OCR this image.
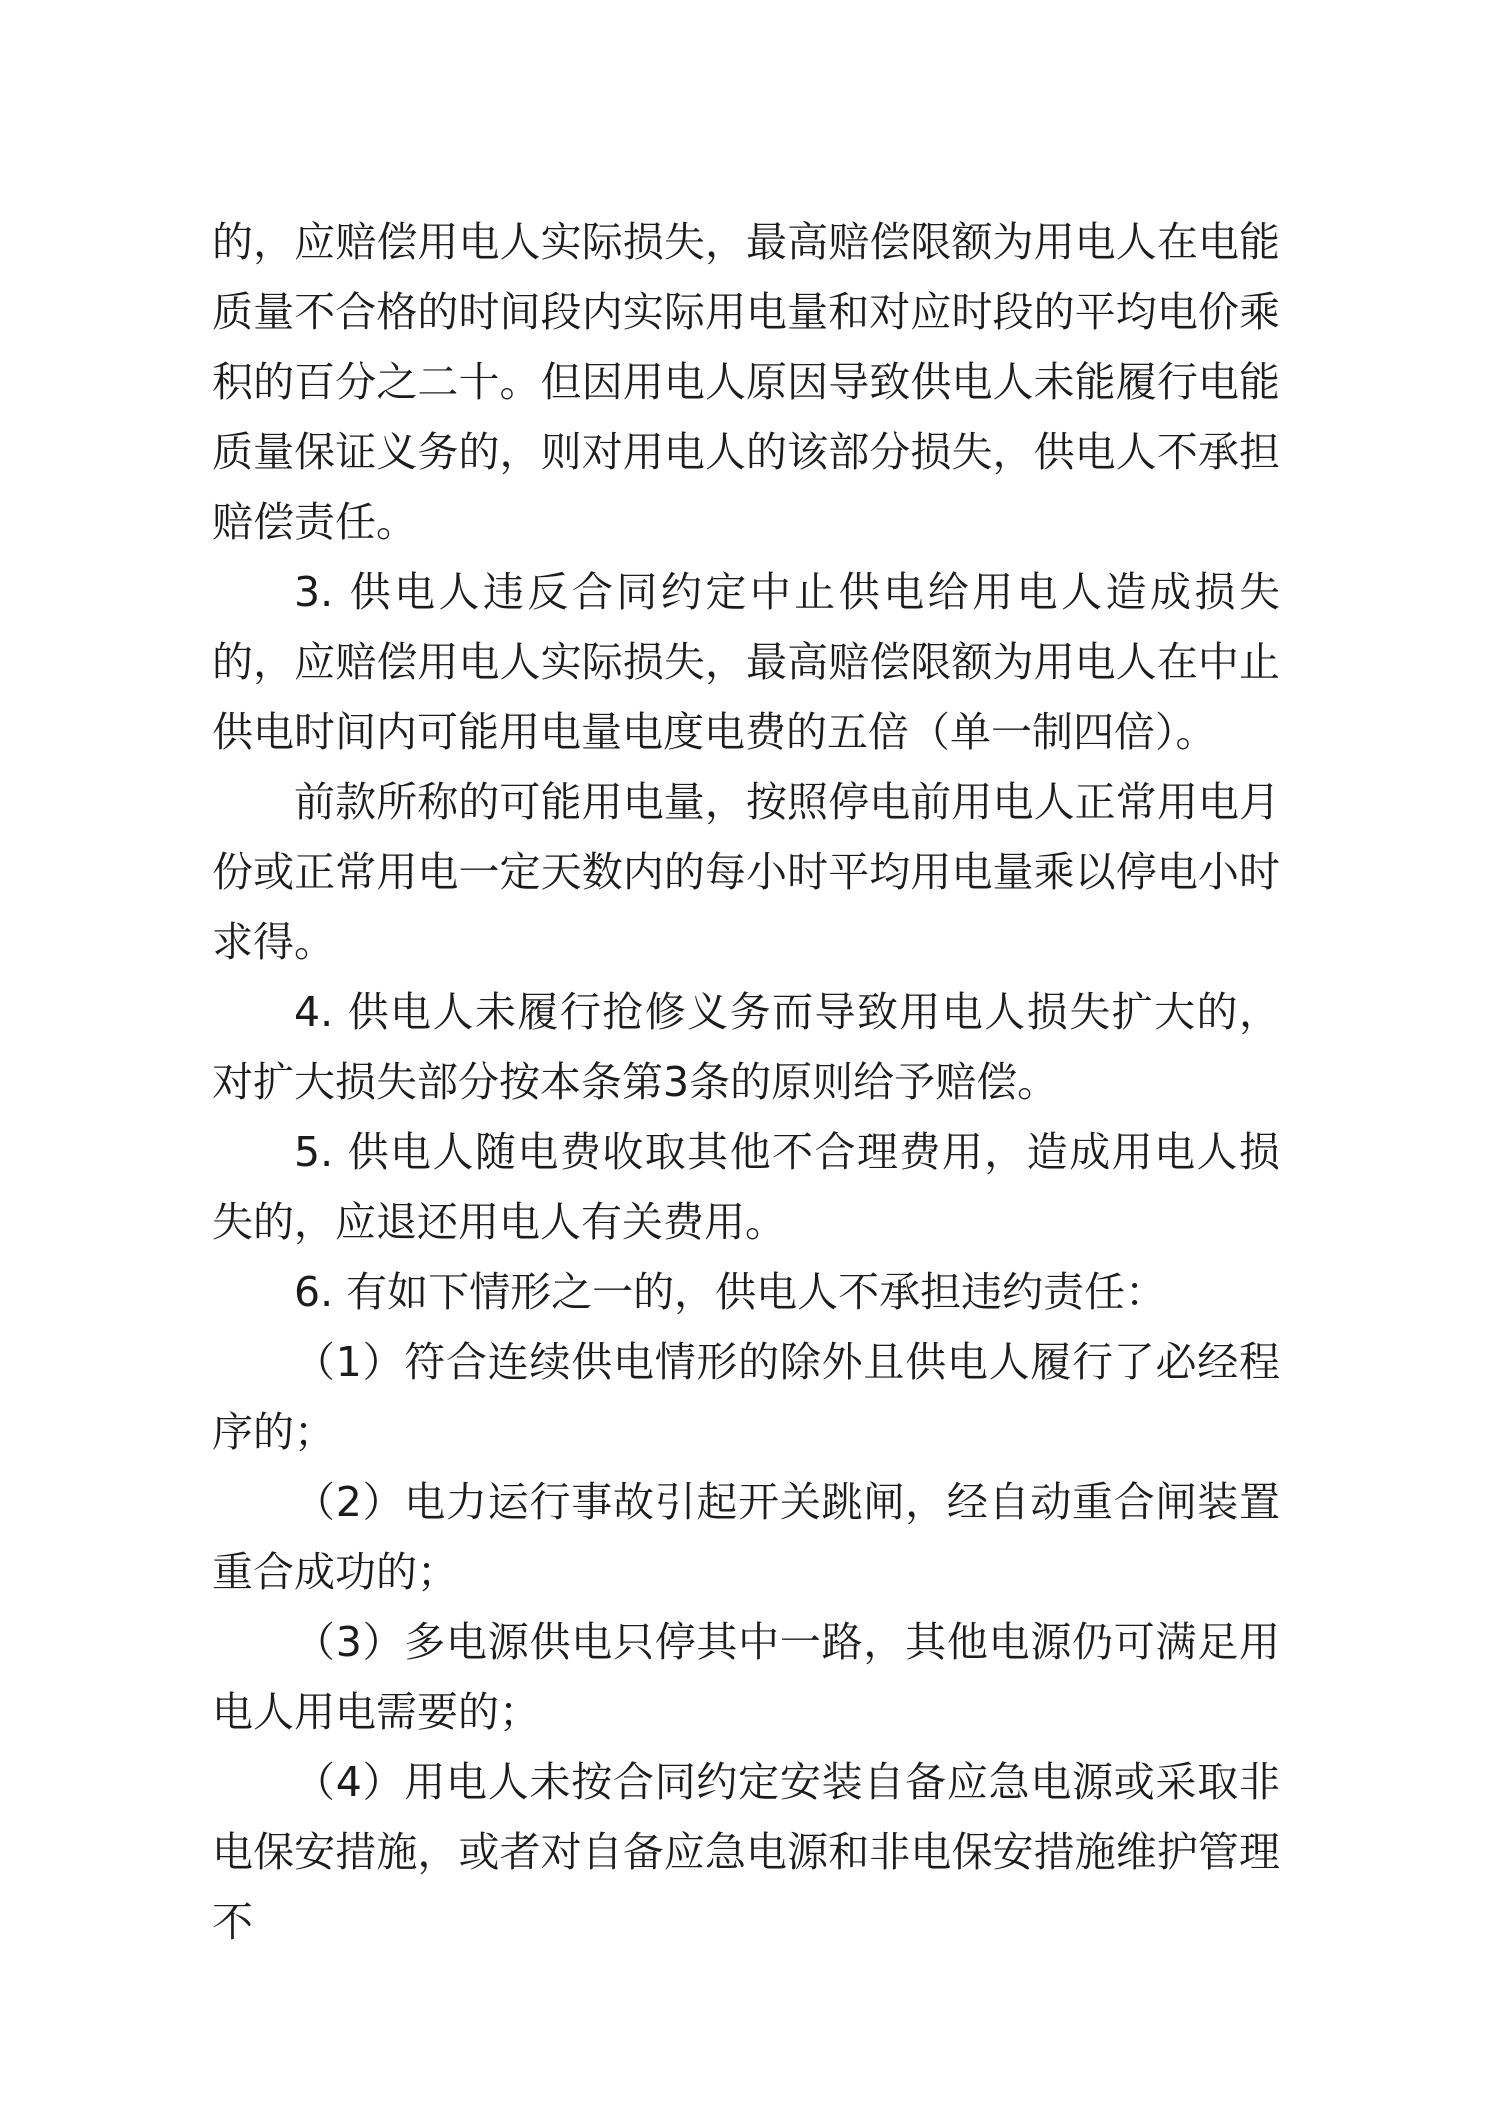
的，应赔偿用电人实际损失，最高赔偿限额为用电人在电能质量不合格的时间段内实际用电量和对应时段的平均电价乘积的百分之二十。但因用电人原因导致供电人未能履行电能质量保证义务的，则对用电人的该部分损失，供电人不承担赔偿责任。

3. 供电人违反合同约定中止供电给用电人造成损失的，应赔偿用电人实际损失，最高赔偿限额为用电人在中止供电时间内可能用电量电度电费的五倍（单一制四倍）。

前款所称的可能用电量，按照停电前用电人正常用电月份或正常用电一定天数内的每小时平均用电量乘以停电小时求得。

4. 供电人未履行抢修义务而导致用电人损失扩大的，对扩大损失部分按本条第3条的原则给予赔偿。

5. 供电人随电费收取其他不合理费用，造成用电人损失的，应退还用电人有关费用。

6. 有如下情形之一的，供电人不承担违约责任：

（1）符合连续供电情形的除外且供电人履行了必经程序的；

（2）电力运行事故引起开关跳闸，经自动重合闸装置重合成功的；

（3）多电源供电只停其中一路，其他电源仍可满足用电人用电需要的；

（4）用电人未按合同约定安装自备应急电源或采取非电保安措施，或者对自备应急电源和非电保安措施维护管理不
